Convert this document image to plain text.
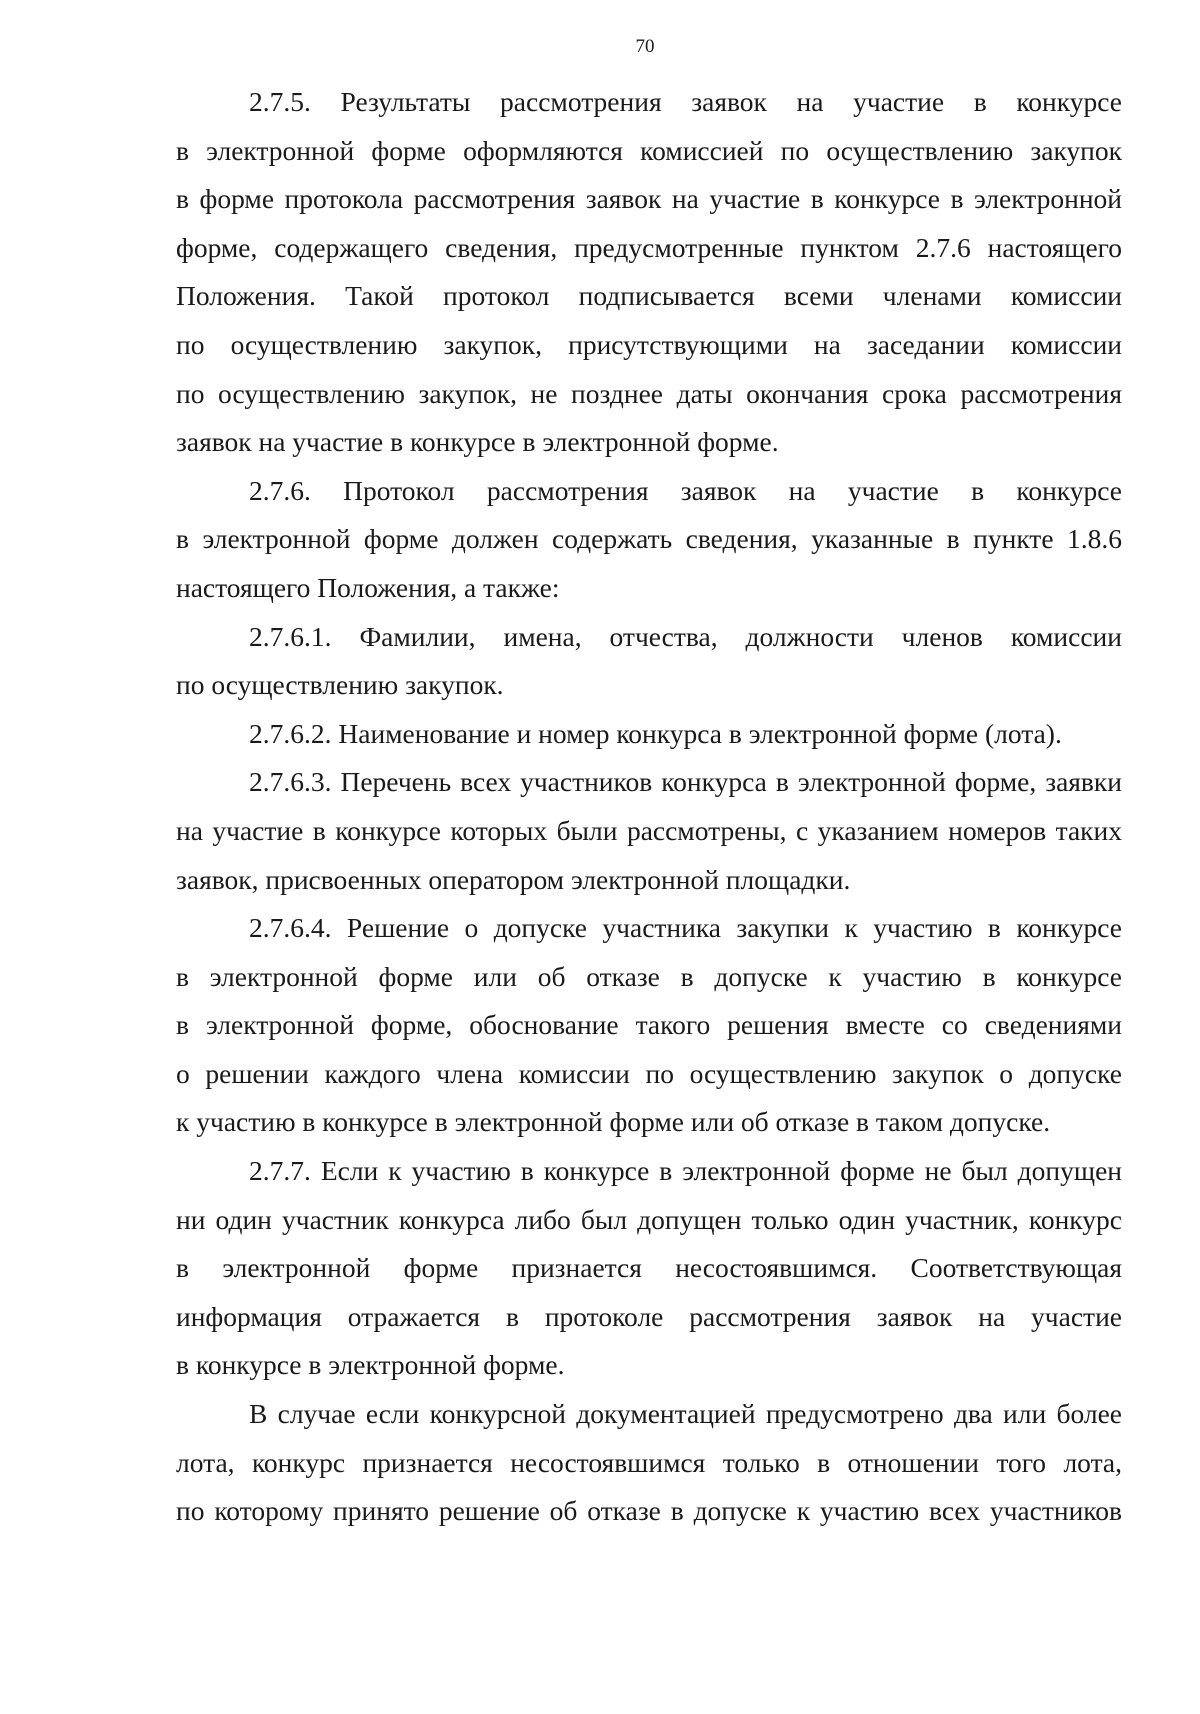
70
2.7.5. Результаты рассмотрения заявок на участие в конкурсе
в электронной форме оформляются комиссией по осуществлению закупок
в форме протокола рассмотрения заявок на участие в конкурсе в электронной
форме, содержащего сведения, предусмотренные пунктом 2.7.6 настоящего
Положения. Такой протокол подписывается всеми членами комиссии
по осуществлению закупок, присутствующими на заседании комиссии
по осуществлению закупок, не позднее даты окончания срока рассмотрения
заявок на участие в конкурсе в электронной форме.
2.7.6. Протокол рассмотрения заявок на участие в конкурсе
в электронной форме должен содержать сведения, указанные в пункте 1.8.6
настоящего Положения, а также:
2.7.6.1. Фамилии, имена, отчества, должности членов комиссии
по осуществлению закупок.
2.7.6.2. Наименование и номер конкурса в электронной форме (лота).
2.7.6.3. Перечень всех участников конкурса в электронной форме, заявки
на участие в конкурсе которых были рассмотрены, с указанием номеров таких
заявок, присвоенных оператором электронной площадки.
2.7.6.4. Решение о допуске участника закупки к участию в конкурсе
в электронной форме или об отказе в допуске к участию в конкурсе
в электронной форме, обоснование такого решения вместе со сведениями
о решении каждого члена комиссии по осуществлению закупок о допуске
к участию в конкурсе в электронной форме или об отказе в таком допуске.
2.7.7. Если к участию в конкурсе в электронной форме не был допущен
ни один участник конкурса либо был допущен только один участник, конкурс
в электронной форме признается несостоявшимся. Соответствующая
информация отражается в протоколе рассмотрения заявок на участие
в конкурсе в электронной форме.
В случае если конкурсной документацией предусмотрено два или более
лота, конкурс признается несостоявшимся только в отношении того лота,
по которому принято решение об отказе в допуске к участию всех участников
